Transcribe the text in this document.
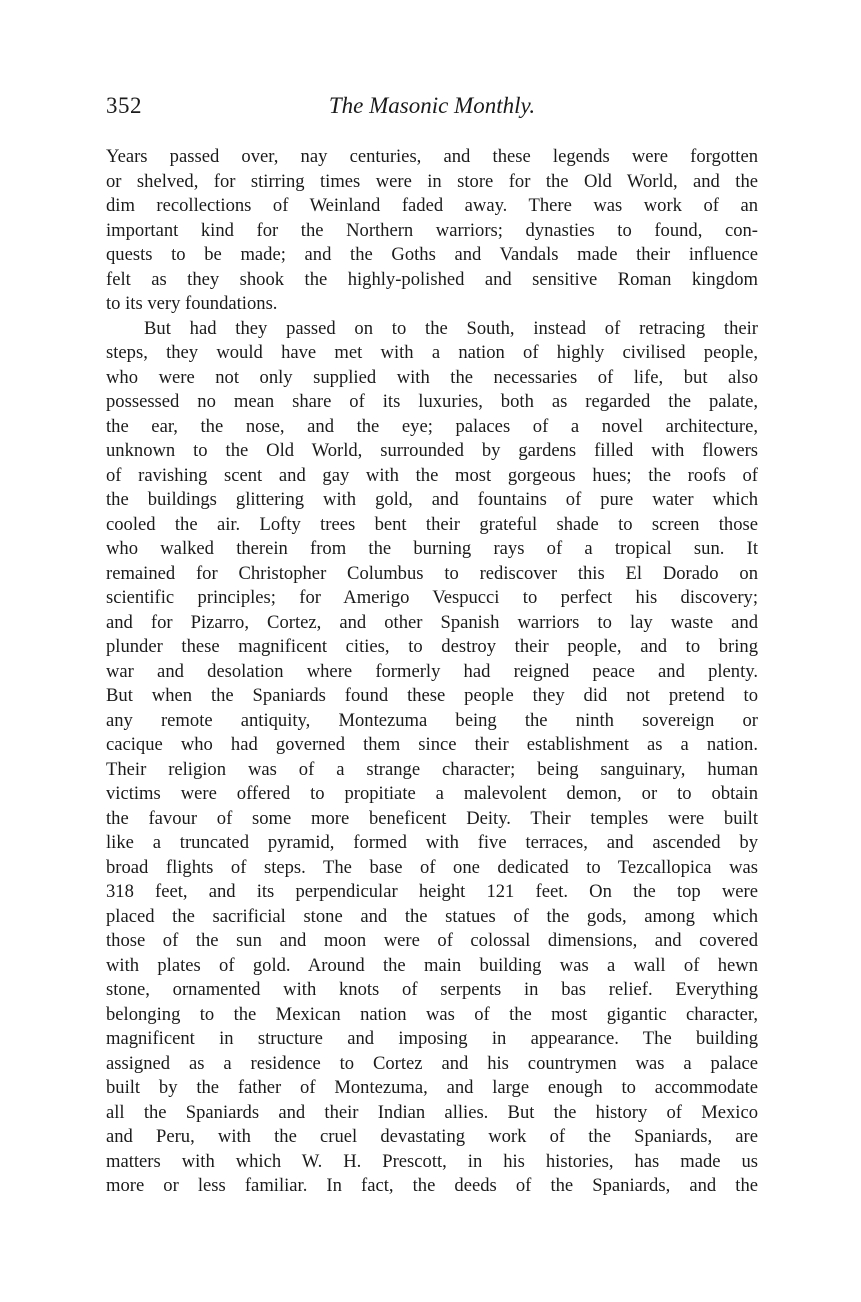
352	The Masonic Monthly.
Years passed over, nay centuries, and these legends were forgotten
or shelved, for stirring times were in store for the Old World, and the
dim recollections of Weinland faded away. There was work of an
important kind for the Northern warriors; dynasties to found, con-
quests to be made; and the Goths and Vandals made their influence
felt as they shook the highly-polished and sensitive Roman kingdom
to its very foundations.
But had they passed on to the South, instead of retracing their
steps, they would have met with a nation of highly civilised people,
who were not only supplied with the necessaries of life, but also
possessed no mean share of its luxuries, both as regarded the palate,
the ear, the nose, and the eye; palaces of a novel architecture,
unknown to the Old World, surrounded by gardens filled with flowers
of ravishing scent and gay with the most gorgeous hues; the roofs of
the buildings glittering with gold, and fountains of pure water which
cooled the air. Lofty trees bent their grateful shade to screen those
who walked therein from the burning rays of a tropical sun. It
remained for Christopher Columbus to rediscover this El Dorado on
scientific principles; for Amerigo Vespucci to perfect his discovery;
and for Pizarro, Cortez, and other Spanish warriors to lay waste and
plunder these magnificent cities, to destroy their people, and to bring
war and desolation where formerly had reigned peace and plenty.
But when the Spaniards found these people they did not pretend to
any remote antiquity, Montezuma being the ninth sovereign or
cacique who had governed them since their establishment as a nation.
Their religion was of a strange character; being sanguinary, human
victims were offered to propitiate a malevolent demon, or to obtain
the favour of some more beneficent Deity. Their temples were built
like a truncated pyramid, formed with five terraces, and ascended by
broad flights of steps. The base of one dedicated to Tezcallopica was
318 feet, and its perpendicular height 121 feet. On the top were
placed the sacrificial stone and the statues of the gods, among which
those of the sun and moon were of colossal dimensions, and covered
with plates of gold. Around the main building was a wall of hewn
stone, ornamented with knots of serpents in bas relief. Everything
belonging to the Mexican nation was of the most gigantic character,
magnificent in structure and imposing in appearance. The building
assigned as a residence to Cortez and his countrymen was a palace
built by the father of Montezuma, and large enough to accommodate
all the Spaniards and their Indian allies. But the history of Mexico
and Peru, with the cruel devastating work of the Spaniards, are
matters with which W. H. Prescott, in his histories, has made us
more or less familiar. In fact, the deeds of the Spaniards, and the
